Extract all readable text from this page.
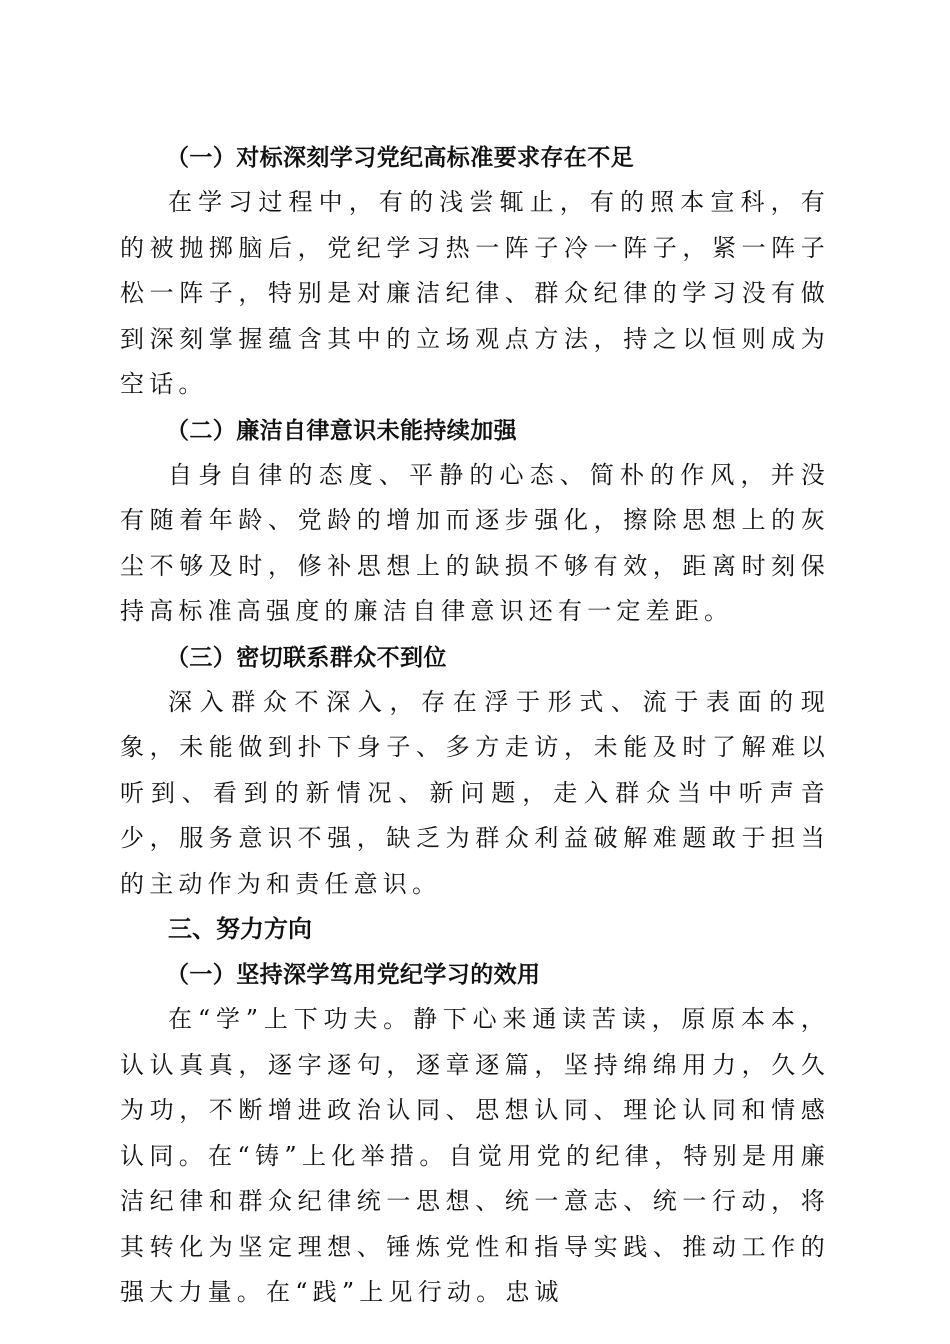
（一）对标深刻学习党纪高标准要求存在不足

在学习过程中，有的浅尝辄止，有的照本宣科，有的被抛掷脑后，党纪学习热一阵子冷一阵子，紧一阵子松一阵子，特别是对廉洁纪律、群众纪律的学习没有做到深刻掌握蕴含其中的立场观点方法，持之以恒则成为空话。

（二）廉洁自律意识未能持续加强

自身自律的态度、平静的心态、简朴的作风，并没有随着年龄、党龄的增加而逐步强化，擦除思想上的灰尘不够及时，修补思想上的缺损不够有效，距离时刻保持高标准高强度的廉洁自律意识还有一定差距。

（三）密切联系群众不到位

深入群众不深入，存在浮于形式、流于表面的现象，未能做到扑下身子、多方走访，未能及时了解难以听到、看到的新情况、新问题，走入群众当中听声音少，服务意识不强，缺乏为群众利益破解难题敢于担当的主动作为和责任意识。

三、努力方向
（一）坚持深学笃用党纪学习的效用

在“学”上下功夫。静下心来通读苦读，原原本本，认认真真，逐字逐句，逐章逐篇，坚持绵绵用力，久久为功，不断增进政治认同、思想认同、理论认同和情感认同。在“铸”上化举措。自觉用党的纪律，特别是用廉洁纪律和群众纪律统一思想、统一意志、统一行动，将其转化为坚定理想、锤炼党性和指导实践、推动工作的强大力量。在“践”上见行动。忠诚
